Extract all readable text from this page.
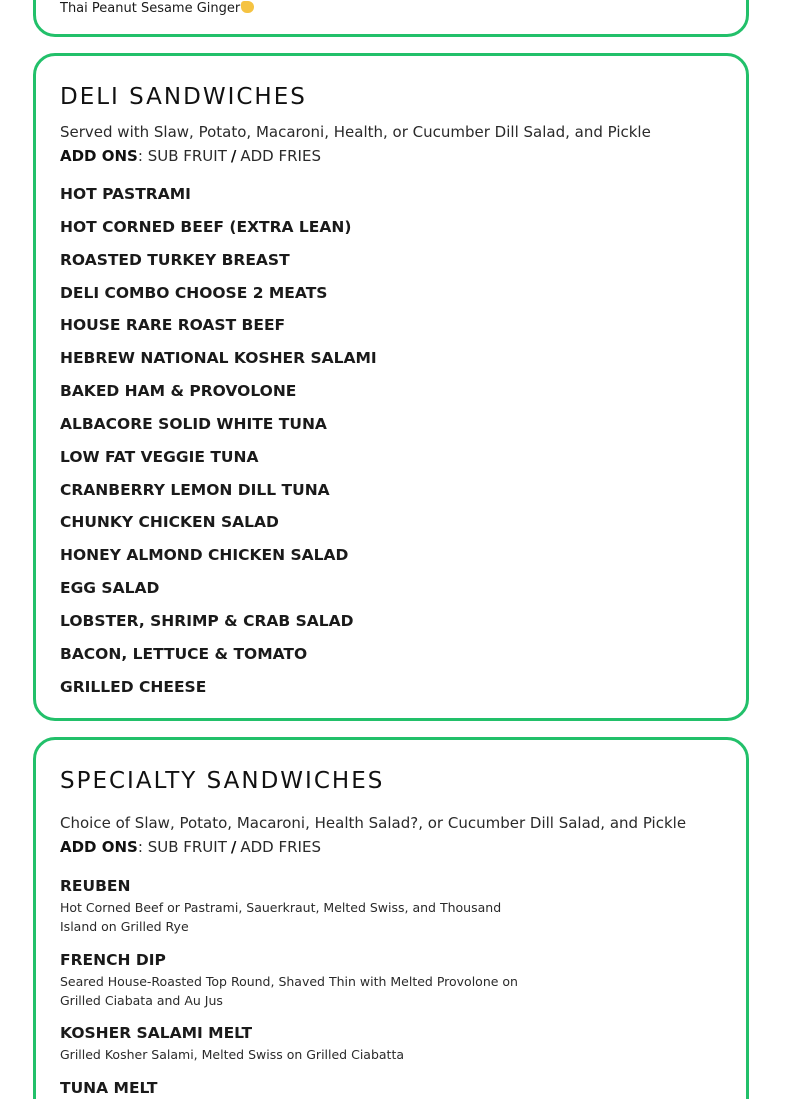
Thai Peanut Sesame Ginger
DELI SANDWICHES
Served with Slaw, Potato, Macaroni, Health, or Cucumber Dill Salad, and Pickle
ADD ONS: SUB FRUIT / ADD FRIES
HOT PASTRAMI
HOT CORNED BEEF (EXTRA LEAN)
ROASTED TURKEY BREAST
DELI COMBO CHOOSE 2 MEATS
HOUSE RARE ROAST BEEF
HEBREW NATIONAL KOSHER SALAMI
BAKED HAM & PROVOLONE
ALBACORE SOLID WHITE TUNA
LOW FAT VEGGIE TUNA
CRANBERRY LEMON DILL TUNA
CHUNKY CHICKEN SALAD
HONEY ALMOND CHICKEN SALAD
EGG SALAD
LOBSTER, SHRIMP & CRAB SALAD
BACON, LETTUCE & TOMATO
GRILLED CHEESE
SPECIALTY SANDWICHES
Choice of Slaw, Potato, Macaroni, Health Salad?, or Cucumber Dill Salad, and Pickle
ADD ONS: SUB FRUIT / ADD FRIES
REUBEN
Hot Corned Beef or Pastrami, Sauerkraut, Melted Swiss, and Thousand Island on Grilled Rye
FRENCH DIP
Seared House-Roasted Top Round, Shaved Thin with Melted Provolone on Grilled Ciabata and Au Jus
KOSHER SALAMI MELT
Grilled Kosher Salami, Melted Swiss on Grilled Ciabatta
TUNA MELT
